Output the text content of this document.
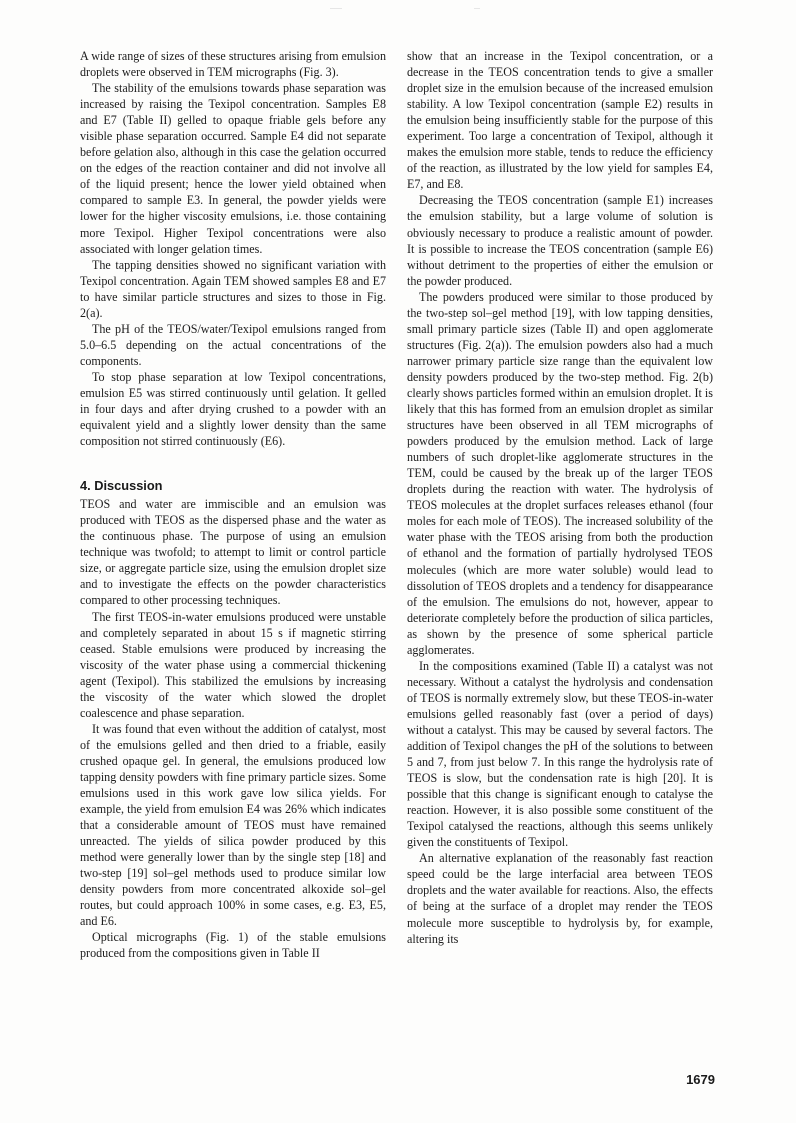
A wide range of sizes of these structures arising from emulsion droplets were observed in TEM micrographs (Fig. 3).

The stability of the emulsions towards phase separation was increased by raising the Texipol concentration. Samples E8 and E7 (Table II) gelled to opaque friable gels before any visible phase separation occurred. Sample E4 did not separate before gelation also, although in this case the gelation occurred on the edges of the reaction container and did not involve all of the liquid present; hence the lower yield obtained when compared to sample E3. In general, the powder yields were lower for the higher viscosity emulsions, i.e. those containing more Texipol. Higher Texipol concentrations were also associated with longer gelation times.

The tapping densities showed no significant variation with Texipol concentration. Again TEM showed samples E8 and E7 to have similar particle structures and sizes to those in Fig. 2(a).

The pH of the TEOS/water/Texipol emulsions ranged from 5.0–6.5 depending on the actual concentrations of the components.

To stop phase separation at low Texipol concentrations, emulsion E5 was stirred continuously until gelation. It gelled in four days and after drying crushed to a powder with an equivalent yield and a slightly lower density than the same composition not stirred continuously (E6).

4. Discussion

TEOS and water are immiscible and an emulsion was produced with TEOS as the dispersed phase and the water as the continuous phase. The purpose of using an emulsion technique was twofold; to attempt to limit or control particle size, or aggregate particle size, using the emulsion droplet size and to investigate the effects on the powder characteristics compared to other processing techniques.

The first TEOS-in-water emulsions produced were unstable and completely separated in about 15 s if magnetic stirring ceased. Stable emulsions were produced by increasing the viscosity of the water phase using a commercial thickening agent (Texipol). This stabilized the emulsions by increasing the viscosity of the water which slowed the droplet coalescence and phase separation.

It was found that even without the addition of catalyst, most of the emulsions gelled and then dried to a friable, easily crushed opaque gel. In general, the emulsions produced low tapping density powders with fine primary particle sizes. Some emulsions used in this work gave low silica yields. For example, the yield from emulsion E4 was 26% which indicates that a considerable amount of TEOS must have remained unreacted. The yields of silica powder produced by this method were generally lower than by the single step [18] and two-step [19] sol–gel methods used to produce similar low density powders from more concentrated alkoxide sol–gel routes, but could approach 100% in some cases, e.g. E3, E5, and E6.

Optical micrographs (Fig. 1) of the stable emulsions produced from the compositions given in Table II

show that an increase in the Texipol concentration, or a decrease in the TEOS concentration tends to give a smaller droplet size in the emulsion because of the increased emulsion stability. A low Texipol concentration (sample E2) results in the emulsion being insufficiently stable for the purpose of this experiment. Too large a concentration of Texipol, although it makes the emulsion more stable, tends to reduce the efficiency of the reaction, as illustrated by the low yield for samples E4, E7, and E8.

Decreasing the TEOS concentration (sample E1) increases the emulsion stability, but a large volume of solution is obviously necessary to produce a realistic amount of powder. It is possible to increase the TEOS concentration (sample E6) without detriment to the properties of either the emulsion or the powder produced.

The powders produced were similar to those produced by the two-step sol–gel method [19], with low tapping densities, small primary particle sizes (Table II) and open agglomerate structures (Fig. 2(a)). The emulsion powders also had a much narrower primary particle size range than the equivalent low density powders produced by the two-step method. Fig. 2(b) clearly shows particles formed within an emulsion droplet. It is likely that this has formed from an emulsion droplet as similar structures have been observed in all TEM micrographs of powders produced by the emulsion method. Lack of large numbers of such droplet-like agglomerate structures in the TEM, could be caused by the break up of the larger TEOS droplets during the reaction with water. The hydrolysis of TEOS molecules at the droplet surfaces releases ethanol (four moles for each mole of TEOS). The increased solubility of the water phase with the TEOS arising from both the production of ethanol and the formation of partially hydrolysed TEOS molecules (which are more water soluble) would lead to dissolution of TEOS droplets and a tendency for disappearance of the emulsion. The emulsions do not, however, appear to deteriorate completely before the production of silica particles, as shown by the presence of some spherical particle agglomerates.

In the compositions examined (Table II) a catalyst was not necessary. Without a catalyst the hydrolysis and condensation of TEOS is normally extremely slow, but these TEOS-in-water emulsions gelled reasonably fast (over a period of days) without a catalyst. This may be caused by several factors. The addition of Texipol changes the pH of the solutions to between 5 and 7, from just below 7. In this range the hydrolysis rate of TEOS is slow, but the condensation rate is high [20]. It is possible that this change is significant enough to catalyse the reaction. However, it is also possible some constituent of the Texipol catalysed the reactions, although this seems unlikely given the constituents of Texipol.

An alternative explanation of the reasonably fast reaction speed could be the large interfacial area between TEOS droplets and the water available for reactions. Also, the effects of being at the surface of a droplet may render the TEOS molecule more susceptible to hydrolysis by, for example, altering its

1679
